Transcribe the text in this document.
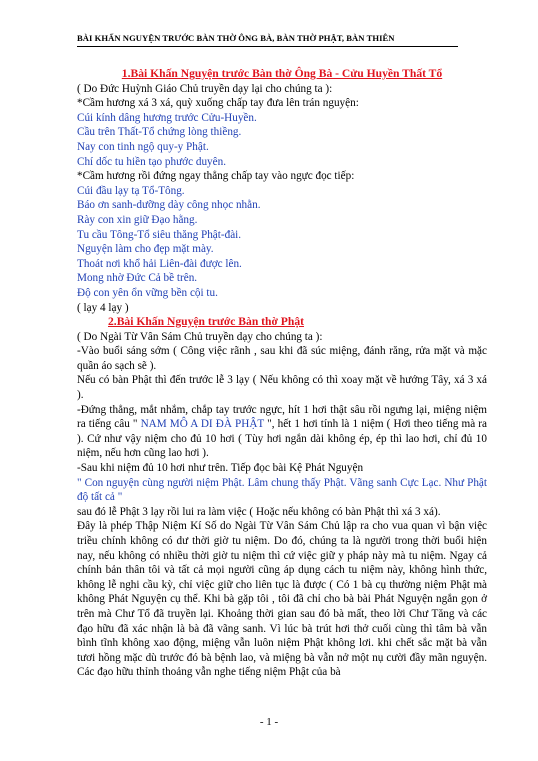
BÀI KHẤN NGUYỆN TRƯỚC BÀN THỜ ÔNG BÀ, BÀN THỜ PHẬT, BÀN THIÊN

1.Bài Khấn Nguyện trước Bàn thờ Ông Bà - Cửu Huyền Thất Tổ

( Do Đức Huỳnh Giáo Chủ truyền dạy lại cho chúng ta ):

*Cầm hương xá 3 xá, quỳ xuống chấp tay đưa lên trán nguyện:

Cúi kính dâng hương trước Cửu-Huyền.

Cầu trên Thất-Tổ chứng lòng thiềng.

Nay con tinh ngộ quy-y Phật.

Chí dốc tu hiền tạo phước duyên.

*Cầm hương rồi đứng ngay thẳng chấp tay vào ngực đọc tiếp:

Cúi đầu lạy tạ Tổ-Tông.

Báo ơn sanh-dưỡng dày công nhọc nhằn.

Rày con xin giữ Đạo hằng.

Tu cầu Tông-Tổ siêu thăng Phật-đài.

Nguyện làm cho đẹp mặt mày.

Thoát nơi khổ hải Liên-đài được lên.

Mong nhờ Đức Cả bề trên.

Độ con yên ổn vững bền cội tu.

( lạy 4 lạy )

2.Bài Khấn Nguyện trước Bàn thờ Phật

( Do Ngài Từ Vân Sám Chủ truyền dạy cho chúng ta ):

-Vào buổi sáng sớm ( Công việc rãnh , sau khi đã súc miệng, đánh răng, rửa mặt và mặc quần áo sạch sẽ ).

Nếu có bàn Phật thì đến trước lễ 3 lạy ( Nếu không có thì xoay mặt về hướng Tây, xá 3 xá ).

-Đứng thẳng, mắt nhắm, chắp tay trước ngực, hít 1 hơi thật sâu rồi ngưng lại, miệng niệm ra tiếng câu " NAM MÔ A DI ĐÀ PHẬT ", hết 1 hơi tính là 1 niệm ( Hơi theo tiếng mà ra ). Cứ như vậy niệm cho đủ 10 hơi ( Tùy hơi ngắn dài không ép, ép thì lao hơi, chỉ đủ 10 niệm, nếu hơn cũng lao hơi ).

-Sau khi niệm đủ 10 hơi như trên. Tiếp đọc bài Kệ Phát Nguyện

" Con nguyện cùng người niệm Phật. Lâm chung thấy Phật. Vãng sanh Cực Lạc. Như Phật độ tất cả "

sau đó lễ Phật 3 lạy rồi lui ra làm việc ( Hoặc nếu không có bàn Phật thì xá 3 xá).

Đây là phép Thập Niệm Kí Số do Ngài Từ Vân Sám Chủ lập ra cho vua quan vì bận việc triều chính không có dư thời giờ tu niệm. Do đó, chúng ta là người trong thời buổi hiện nay, nếu không có nhiều thời giờ tu niệm thì cứ việc giữ y pháp này mà tu niệm. Ngay cả chính bản thân tôi và tất cả mọi người cũng áp dụng cách tu niệm này, không hình thức, không lễ nghi cầu kỳ, chỉ việc giữ cho liên tục là được ( Có 1 bà cụ thường niệm Phật mà không Phát Nguyện cụ thể. Khi bà gặp tôi , tôi đã chỉ cho bà bài Phát Nguyện ngắn gọn ở trên mà Chư Tổ đã truyền lại. Khoảng thời gian sau đó bà mất, theo lời Chư Tăng và các đạo hữu đã xác nhận là bà đã vãng sanh. Vì lúc bà trút hơi thở cuối cùng thì tâm bà vẫn bình tĩnh không xao động, miệng vẫn luôn niệm Phật không lơi. khi chết sắc mặt bà vẫn tươi hồng mặc dù trước đó bà bệnh lao, và miệng bà vẫn nở một nụ cười đầy mãn nguyện. Các đạo hữu thỉnh thoảng vẫn nghe tiếng niệm Phật của bà

- 1 -
